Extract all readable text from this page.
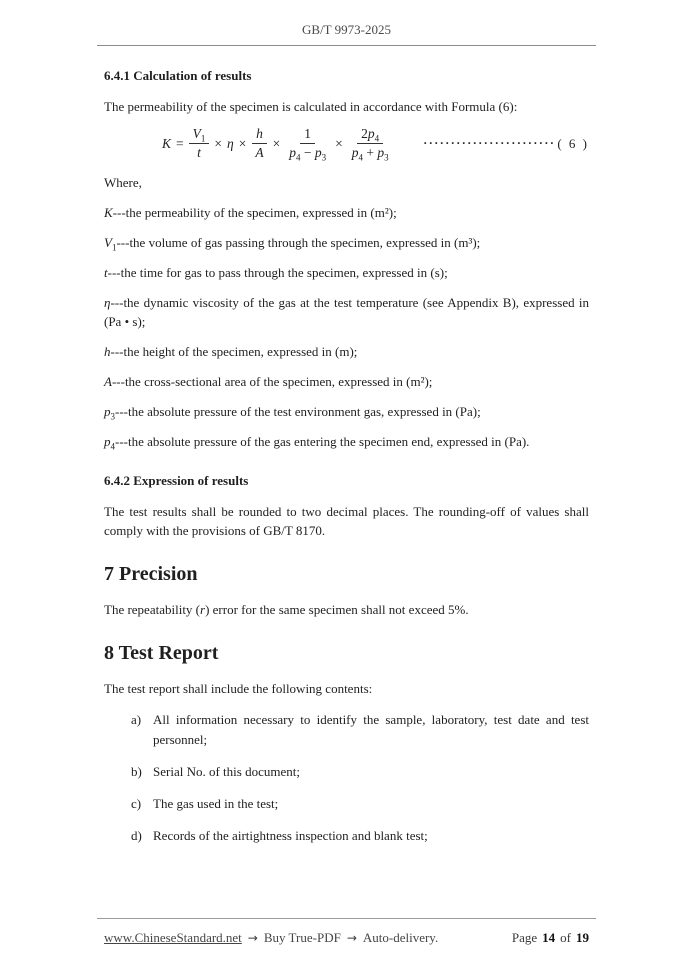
GB/T 9973-2025
6.4.1 Calculation of results

The permeability of the specimen is calculated in accordance with Formula (6):

$K = \frac{V_1}{t} \times \eta \times \frac{h}{A} \times \frac{1}{p_4 - p_3} \times \frac{2p_4}{p_4 + p_3}$	························ ( 6 )

Where,

K---the permeability of the specimen, expressed in (m²);

$V_1--$-the volume of gas passing through the specimen, expressed in (m³);

t---the time for gas to pass through the specimen, expressed in (s);

η---the dynamic viscosity of the gas at the test temperature (see Appendix B), expressed in (Pa • s);

h---the height of the specimen, expressed in (m);

A---the cross-sectional area of the specimen, expressed in (m²);

$p_3--$-the absolute pressure of the test environment gas, expressed in (Pa);

$p_4--$-the absolute pressure of the gas entering the specimen end, expressed in (Pa).

6.4.2 Expression of results

The test results shall be rounded to two decimal places. The rounding-off of values shall comply with the provisions of GB/T 8170.

7 Precision

The repeatability (r) error for the same specimen shall not exceed 5%.

8 Test Report

The test report shall include the following contents:

a) All information necessary to identify the sample, laboratory, test date and test personnel;
b) Serial No. of this document;
c) The gas used in the test;
d) Records of the airtightness inspection and blank test;
www.ChineseStandard.net → Buy True-PDF → Auto-delivery.	Page 14 of 19
